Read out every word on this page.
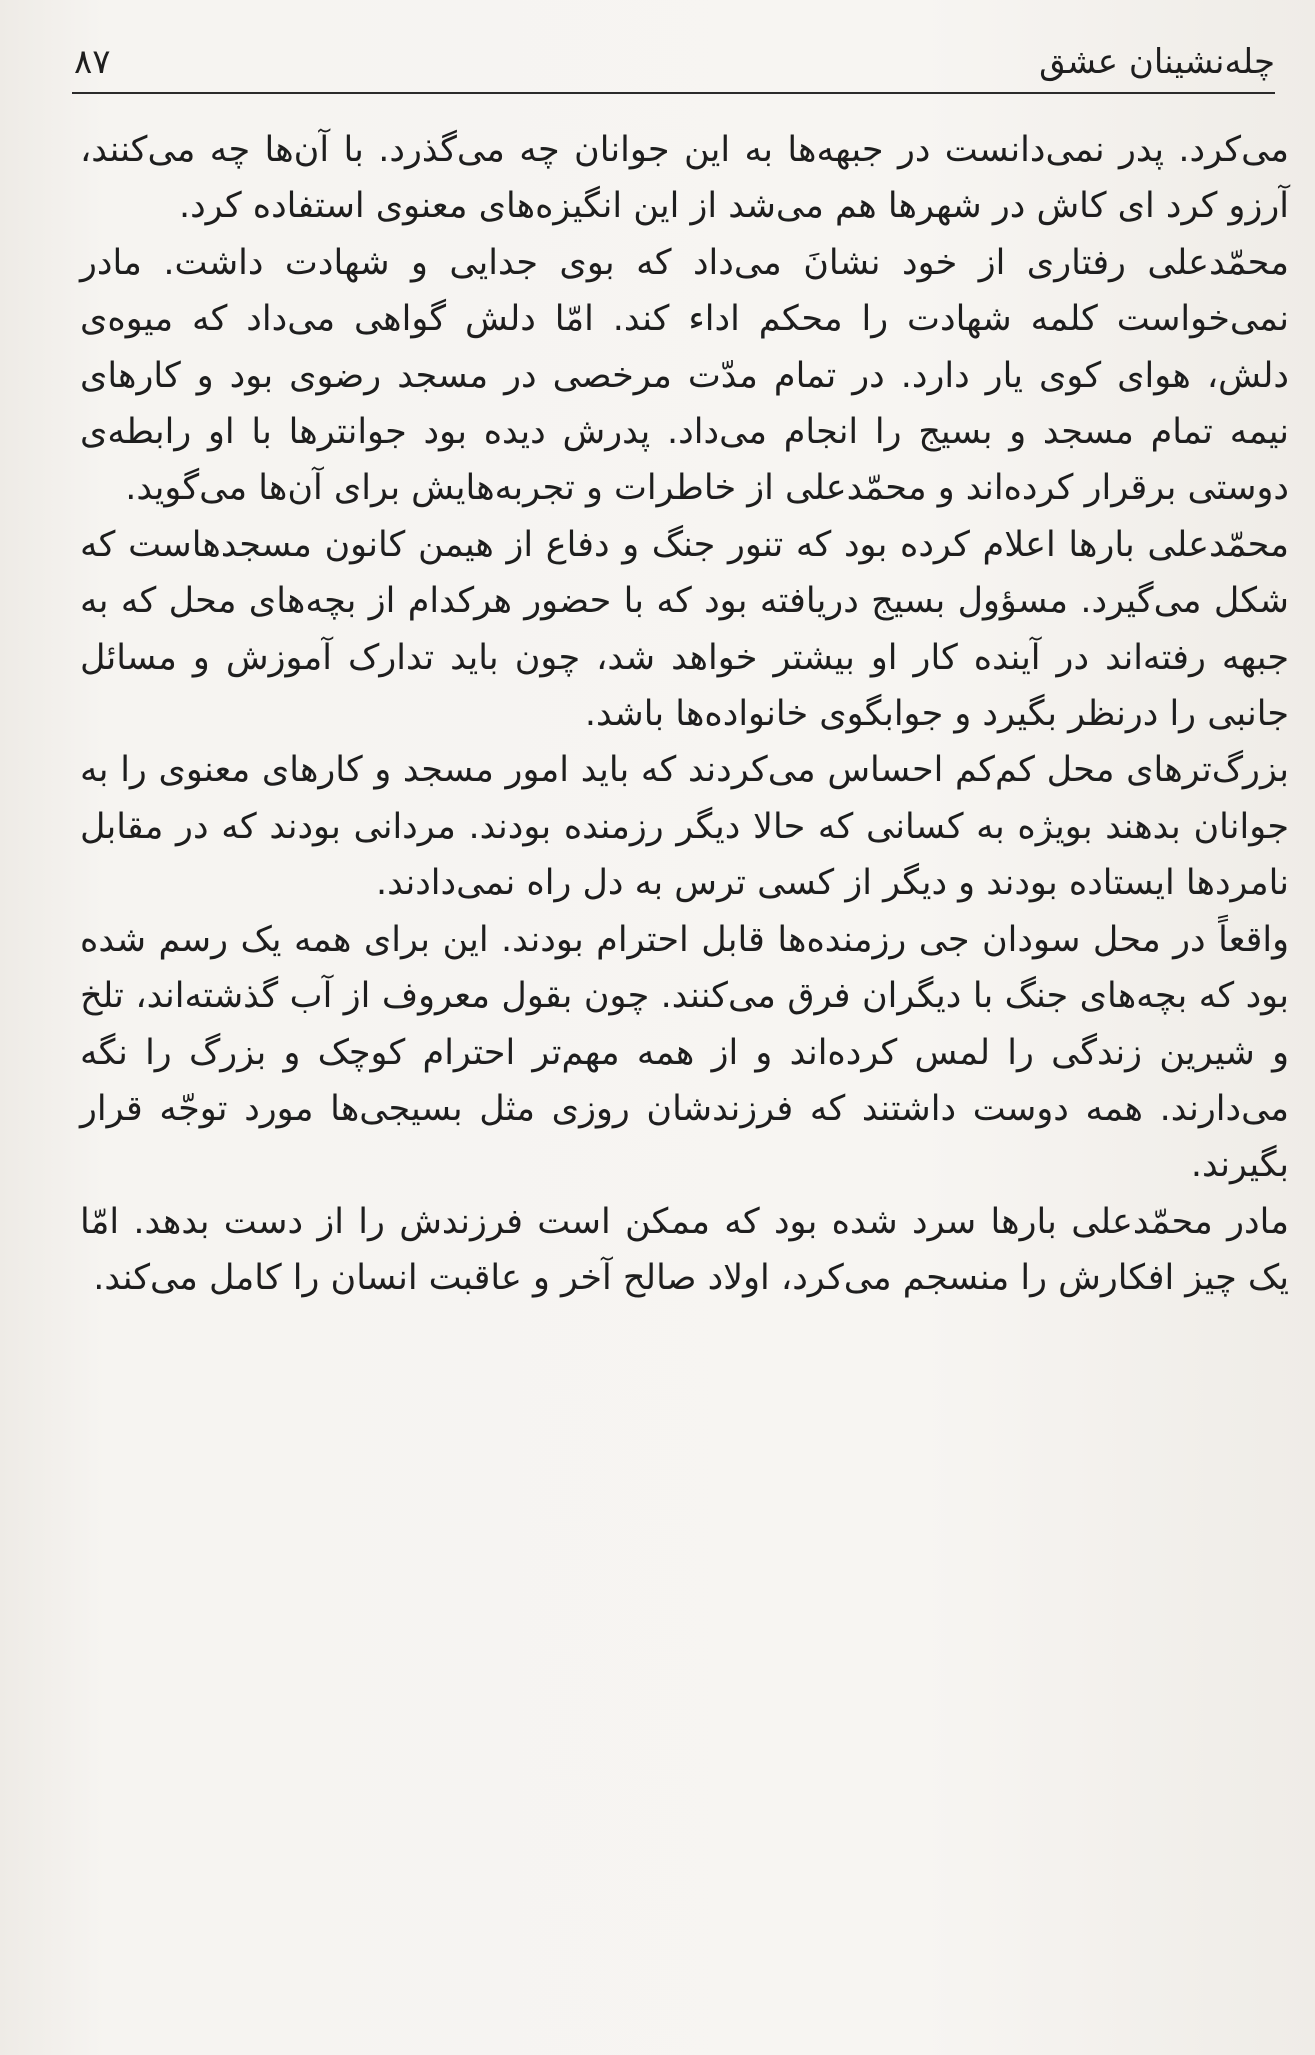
چله‌نشینان عشق
۸۷

می‌کرد. پدر نمی‌دانست در جبهه‌ها به این جوانان چه می‌گذرد. با آن‌ها چه می‌کنند، آرزو کرد ای کاش در شهرها هم می‌شد از این انگیزه‌های معنوی استفاده کرد.

محمّدعلی رفتاری از خود نشانَ می‌داد که بوی جدایی و شهادت داشت. مادر نمی‌خواست کلمه شهادت را محکم اداء کند. امّا دلش گواهی می‌داد که میوه‌ی دلش، هوای کوی یار دارد. در تمام مدّت مرخصی در مسجد رضوی بود و کارهای نیمه تمام مسجد و بسیج را انجام می‌داد. پدرش دیده بود جوانترها با او رابطه‌ی دوستی برقرار کرده‌اند و محمّدعلی از خاطرات و تجربه‌هایش برای آن‌ها می‌گوید.

محمّدعلی بارها اعلام کرده بود که تنور جنگ و دفاع از هیمن کانون مسجدهاست که شکل می‌گیرد. مسؤول بسیج دریافته بود که با حضور هرکدام از بچه‌های محل که به جبهه رفته‌اند در آینده کار او بیشتر خواهد شد، چون باید تدارک آموزش و مسائل جانبی را درنظر بگیرد و جوابگوی خانواده‌ها باشد.

بزرگ‌ترهای محل کم‌کم احساس می‌کردند که باید امور مسجد و کارهای معنوی را به جوانان بدهند بویژه به کسانی که حالا دیگر رزمنده بودند. مردانی بودند که در مقابل نامردها ایستاده بودند و دیگر از کسی ترس به دل راه نمی‌دادند.

واقعاً در محل سودان جی رزمنده‌ها قابل احترام بودند. این برای همه یک رسم شده بود که بچه‌های جنگ با دیگران فرق می‌کنند. چون بقول معروف از آب گذشته‌اند، تلخ و شیرین زندگی را لمس کرده‌اند و از همه مهم‌تر احترام کوچک و بزرگ را نگه می‌دارند. همه دوست داشتند که فرزندشان روزی مثل بسیجی‌ها مورد توجّه قرار بگیرند.

مادر محمّدعلی بارها سرد شده بود که ممکن است فرزندش را از دست بدهد. امّا یک چیز افکارش را منسجم می‌کرد، اولاد صالح آخر و عاقبت انسان را کامل می‌کند.
